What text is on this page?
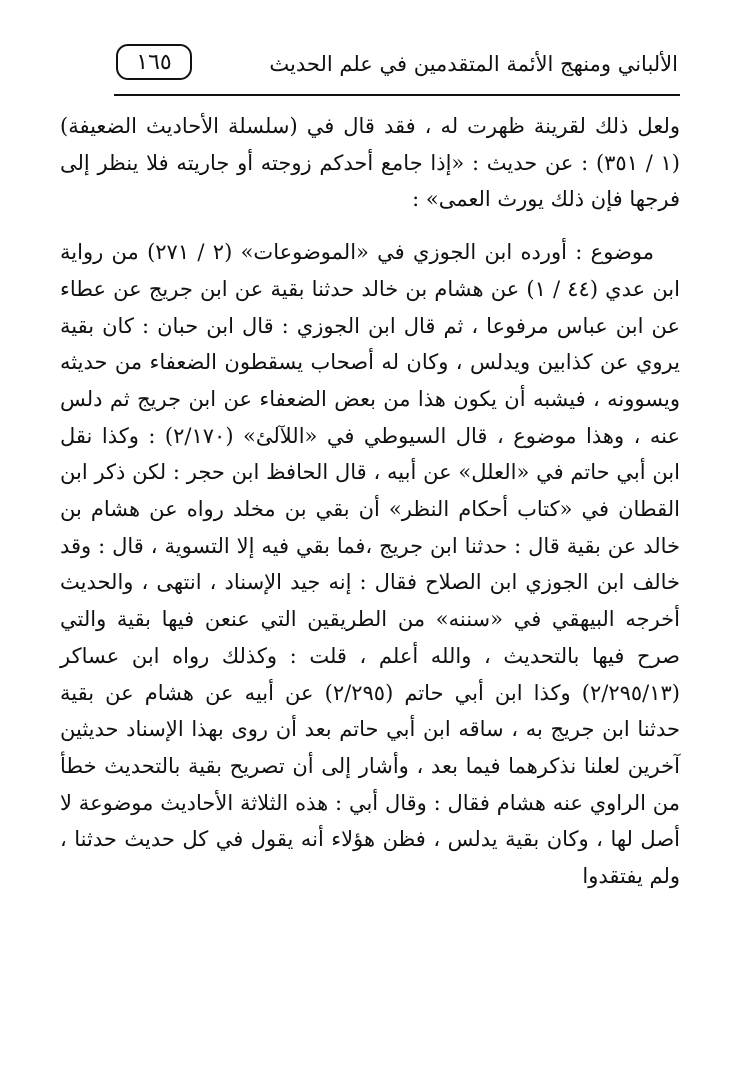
الألباني ومنهج الأئمة المتقدمين في علم الحديث
١٦٥

ولعل ذلك لقرينة ظهرت له ، فقد قال في (سلسلة الأحاديث الضعيفة) (١ / ٣٥١) : عن حديث : «إذا جامع أحدكم زوجته أو جاريته فلا ينظر إلى فرجها فإن ذلك يورث العمى» :

موضوع : أورده ابن الجوزي في «الموضوعات» (٢ / ٢٧١) من رواية ابن عدي (٤٤ / ١) عن هشام بن خالد حدثنا بقية عن ابن جريج عن عطاء عن ابن عباس مرفوعا ، ثم قال ابن الجوزي : قال ابن حبان : كان بقية يروي عن كذابين ويدلس ، وكان له أصحاب يسقطون الضعفاء من حديثه ويسوونه ، فيشبه أن يكون هذا من بعض الضعفاء عن ابن جريج ثم دلس عنه ، وهذا موضوع ، قال السيوطي في «اللآلئ» (٢/١٧٠) : وكذا نقل ابن أبي حاتم في «العلل» عن أبيه ، قال الحافظ ابن حجر : لكن ذكر ابن القطان في «كتاب أحكام النظر» أن بقي بن مخلد رواه عن هشام بن خالد عن بقية قال : حدثنا ابن جريج ،فما بقي فيه إلا التسوية ، قال : وقد خالف ابن الجوزي ابن الصلاح فقال : إنه جيد الإسناد ، انتهى ، والحديث أخرجه البيهقي في «سننه» من الطريقين التي عنعن فيها بقية والتي صرح فيها بالتحديث ، والله أعلم ، قلت : وكذلك رواه ابن عساكر (٢/٢٩٥/١٣) وكذا ابن أبي حاتم (٢/٢٩٥) عن أبيه عن هشام عن بقية حدثنا ابن جريج به ، ساقه ابن أبي حاتم بعد أن روى بهذا الإسناد حديثين آخرين لعلنا نذكرهما فيما بعد ، وأشار إلى أن تصريح بقية بالتحديث خطأ من الراوي عنه هشام فقال : وقال أبي : هذه الثلاثة الأحاديث موضوعة لا أصل لها ، وكان بقية يدلس ، فظن هؤلاء أنه يقول في كل حديث حدثنا ، ولم يفتقدوا
